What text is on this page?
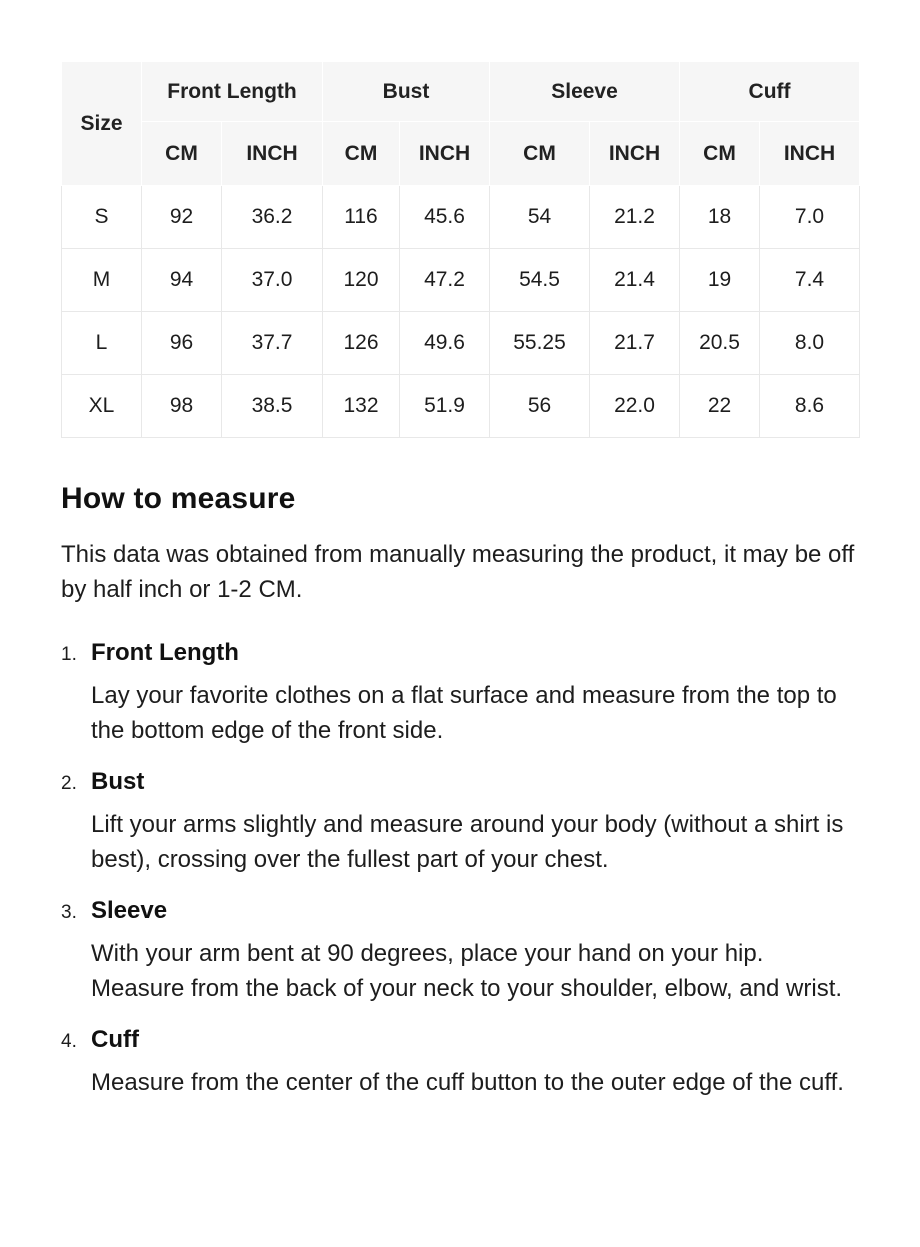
Size	Front Length		Bust		Sleeve		Cuff	
	CM	INCH	CM	INCH	CM	INCH	CM	INCH
S	92	36.2	116	45.6	54	21.2	18	7.0
M	94	37.0	120	47.2	54.5	21.4	19	7.4
L	96	37.7	126	49.6	55.25	21.7	20.5	8.0
XL	98	38.5	132	51.9	56	22.0	22	8.6
How to measure

This data was obtained from manually measuring the product, it may be off by half inch or 1-2 CM.

1. Front Length

Lay your favorite clothes on a flat surface and measure from the top to the bottom edge of the front side.

2. Bust

Lift your arms slightly and measure around your body (without a shirt is best), crossing over the fullest part of your chest.

3. Sleeve

With your arm bent at 90 degrees, place your hand on your hip. Measure from the back of your neck to your shoulder, elbow, and wrist.

4. Cuff

Measure from the center of the cuff button to the outer edge of the cuff.
